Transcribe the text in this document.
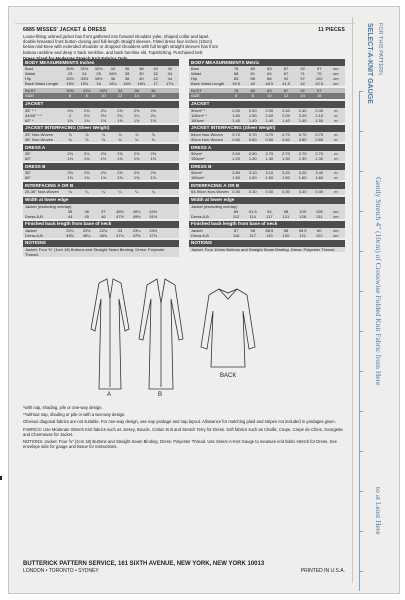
6885 MISSES' JACKET & DRESS	11 PIECES
Loose-fitting unlined jacket has front gathered into forward shoulder yoke, shaped collar and lapel, double breasted front button closing and full-length straight sleeves. Fitted dress four inches (10cm) below mid-knee with extended shoulder or dropped shoulders with full length straight sleeves has front bateau neckline and deep V back neckline, and back hemline slit. Topstitching. Purchased belt.
BODY MEASUREMENTS Inches
Bust	30½	31½	32½	34	36	38	40	42
Waist	23	24	25	26½	28	30	32	34
Hip	32½	33½	34½	36	38	40	42	44
Back Waist Length	15½	15¾	16	16¼	16½	16¾	17	17¼
BUST	30½	31½	32½	34	36	38
SIZE	6	8	10	12	14	16
JACKET
35" * *	2⅜	2⅜	2⅜	2⅝	2⅝	2⅝
44/45" * *	2	2⅛	2⅛	2¼	2¼	2¼
60" *	1⅝	1⅝	1⅝	1⅝	1⅝	1⅝
JACKET INTERFACING (Sheer Weight)
25" Non-Woven	⅞	⅞	⅞	⅞	⅞	⅞
36" Non-Woven	¾	¾	¾	¾	¾	¾
DRESS A
35"	2⅛	2⅛	2⅝	2⅝	2⅝	2⅝
60"	1⅜	1⅜	1⅜	1⅜	1⅜	1⅜
DRESS B
35"	2⅝	2⅝	2⅝	2⅝	2⅝	2⅝
60"	1⅝	1⅝	1⅝	1⅝	1⅝	1⅝
INTERFACING A OR B
25-36" Non-Woven	¼	¼	¼	¼	¼	¼
Width at lower edge
Jacket (excluding overlap)
35	36	37	38½	40½	42½
Dress A,B	44	45	46	47½	49½	51½
Finished back length from base of neck
Jacket	22¼	22½	22¾	23	23¼	23½
Dress A,B	45¾	46¼	46¾	47¼	47½	47¾
NOTIONS
Jacket: Four ⅝" (1cm 18) Buttons and Straight Seam Binding. Dress: Polyester Thread.
BODY MEASUREMENTS Metric
Bust	78	80	83	87	92	97	cm
Waist	58	61	64	67	71	76	cm
Hip	83	85	88	92	97	102	cm
Back Waist Length	39.5	40	40.5	41.5	42	42.5	cm
BUST	78	80	83	87	92	97
SIZE	6	8	10	12	14	16
JACKET
90cm* *	2.00	2.00	2.00	2.40	2.40	2.40	m
115cm* *	1.80	1.90	2.00	2.00	2.00	2.10	m
150cm*	1.40	1.40	1.40	1.40	1.40	1.50	m
JACKET INTERFACING (Sheer Weight)
64cm Non-Woven	0.70	0.70	0.70	0.70	0.70	0.70	m
90cm Non-Woven	0.60	0.60	0.60	0.60	0.60	0.60	m
DRESS A
90cm*	2.60	2.60	2.70	2.70	2.70	2.70	m
150cm*	1.20	1.30	1.30	1.30	1.30	1.30	m
DRESS B
90cm*	2.80	3.10	3.10	3.20	3.20	3.40	m
150cm*	1.50	1.50	1.50	1.50	1.60	1.60	m
INTERFACING A OR B
64-90cm Non-Woven 0.30	0.30	0.30	0.30	0.30	0.30	m
Width at lower edge
Jacket (excluding overlap)
89	91.5	94	98	103	108	cm
Dress A,B	112	114	117	121	126	131	cm
Finished back length from base of neck
Jacket	57	58	58.5	58	59.5	60	cm
Dress A,B	116	117	119	120	121	122	cm
NOTIONS
Jacket: Four 10mm Buttons and Straight Seam Binding. Dress: Polyester Thread.
A	B
BACK

*with nap, shading, pile or one-way design.

**without nap, shading or pile or with a two-way design.

Obvious diagonal fabrics are not suitable. For one-way design, use nap yardage and nap layout. Allowance for matching plaid and stripes not included in yardages given.

FABRICS: Use Moderate Stretch Knit fabrics such as Jersey, Boucle, Cotton Knit and Stretch Terry for Dress. Soft fabrics such as Challis, Crepe, Crepe de Chine, Georgette and Charmeuse for Jacket.

NOTIONS: Jacket: Four ⅝" (1cm 18) Buttons and Straight Seam Binding. Dress: Polyester Thread. Use Select-A-Knit Gauge to measure knit fabric stretch for Dress. See envelope side for gauge and tissue for instructions.

BUTTERICK PATTERN SERVICE, 161 SIXTH AVENUE, NEW YORK, NEW YORK 10013
LONDON • TORONTO • SYDNEY	PRINTED IN U.S.A.
SELECT-A-KNIT GAUGE FOR THIS PATTERN
Gently Stretch 4" (10cm) of Crosswise Folded Knit Fabric from Here
to at Least Here
